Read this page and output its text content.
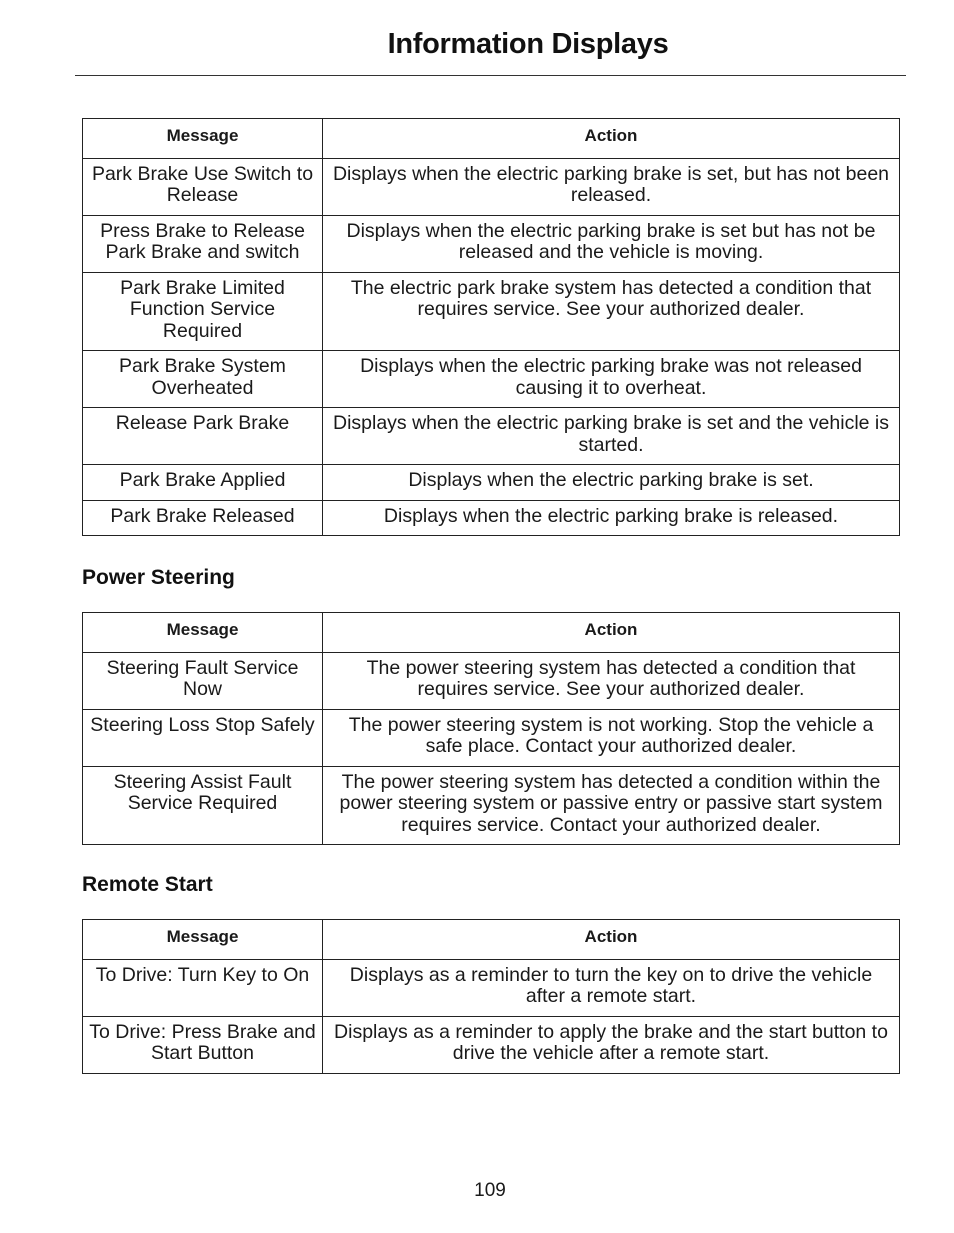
Information Displays
Message	Action
Park Brake Use Switch to Release	Displays when the electric parking brake is set, but has not been released.
Press Brake to Release Park Brake and switch	Displays when the electric parking brake is set but has not be released and the vehicle is moving.
Park Brake Limited Function Service Required	The electric park brake system has detected a condition that requires service. See your authorized dealer.
Park Brake System Overheated	Displays when the electric parking brake was not released causing it to overheat.
Release Park Brake	Displays when the electric parking brake is set and the vehicle is started.
Park Brake Applied	Displays when the electric parking brake is set.
Park Brake Released	Displays when the electric parking brake is released.
Power Steering
Message	Action
Steering Fault Service Now	The power steering system has detected a condition that requires service. See your authorized dealer.
Steering Loss Stop Safely	The power steering system is not working. Stop the vehicle a safe place. Contact your authorized dealer.
Steering Assist Fault Service Required	The power steering system has detected a condition within the power steering system or passive entry or passive start system requires service. Contact your authorized dealer.
Remote Start
Message	Action
To Drive: Turn Key to On	Displays as a reminder to turn the key on to drive the vehicle after a remote start.
To Drive: Press Brake and Start Button	Displays as a reminder to apply the brake and the start button to drive the vehicle after a remote start.
109
